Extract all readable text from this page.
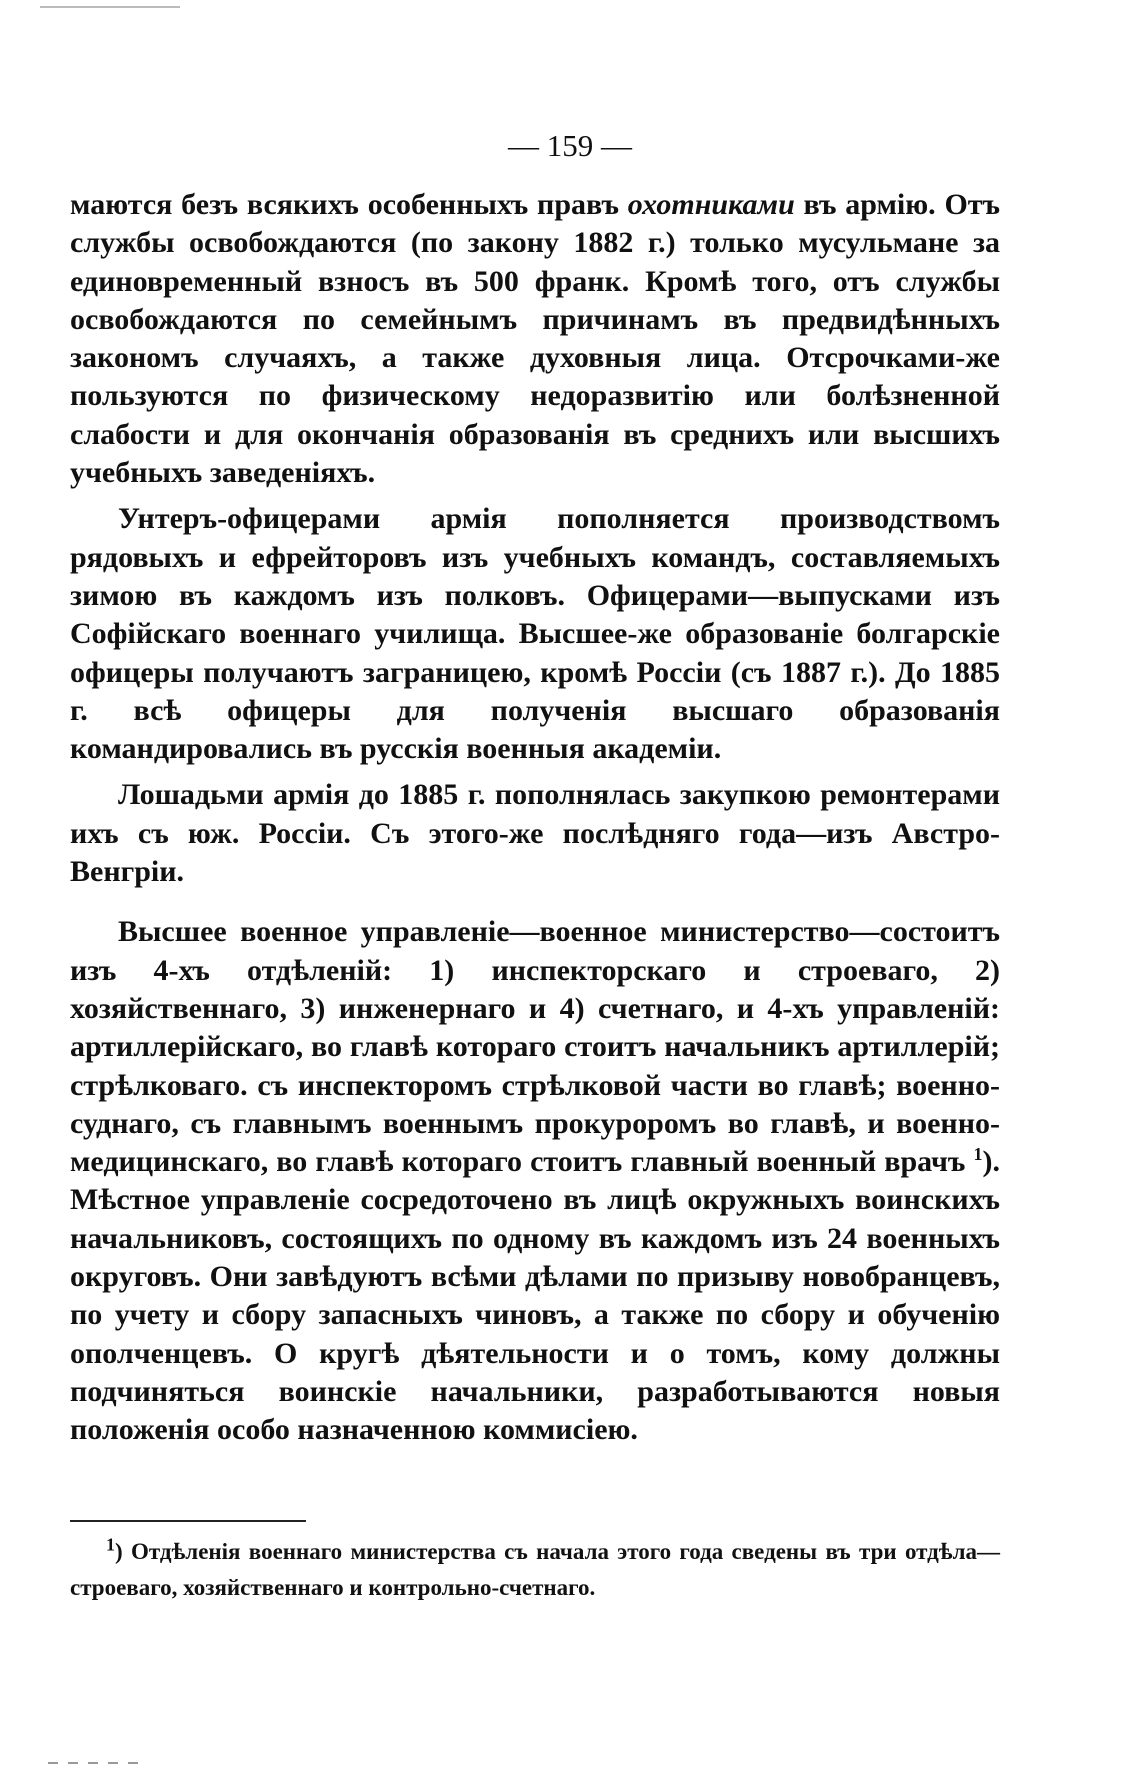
— 159 —

маются безъ всякихъ особенныхъ правъ охотниками въ армію. Отъ службы освобождаются (по закону 1882 г.) только мусульмане за единовременный взносъ въ 500 франк. Кромѣ того, отъ службы освобождаются по семейнымъ причинамъ въ предвидѣнныхъ закономъ случаяхъ, а также духовныя лица. Отсрочками-же пользуются по физическому недоразвитію или болѣзненной слабости и для окончанія образованія въ среднихъ или высшихъ учебныхъ заведеніяхъ.

Унтеръ-офицерами армія пополняется производствомъ рядовыхъ и ефрейторовъ изъ учебныхъ командъ, составляемыхъ зимою въ каждомъ изъ полковъ. Офицерами—выпусками изъ Софійскаго военнаго училища. Высшее-же образованіе болгарскіе офицеры получаютъ заграницею, кромѣ Россіи (съ 1887 г.). До 1885 г. всѣ офицеры для полученія высшаго образованія командировались въ русскія военныя академіи.

Лошадьми армія до 1885 г. пополнялась закупкою ремонтерами ихъ съ юж. Россіи. Съ этого-же послѣдняго года—изъ Австро-Венгріи.

Высшее военное управленіе—военное министерство—состоитъ изъ 4-хъ отдѣленій: 1) инспекторскаго и строеваго, 2) хозяйственнаго, 3) инженернаго и 4) счетнаго, и 4-хъ управленій: артиллерійскаго, во главѣ котораго стоитъ начальникъ артиллерій; стрѣлковаго. съ инспекторомъ стрѣлковой части во главѣ; военно-суднаго, съ главнымъ военнымъ прокуроромъ во главѣ, и военно-медицинскаго, во главѣ котораго стоитъ главный военный врачъ $^1$). Мѣстное управленіе сосредоточено въ лицѣ окружныхъ воинскихъ начальниковъ, состоящихъ по одному въ каждомъ изъ 24 военныхъ округовъ. Они завѣдуютъ всѣми дѣлами по призыву новобранцевъ, по учету и сбору запасныхъ чиновъ, а также по сбору и обученію ополченцевъ. О кругѣ дѣятельности и о томъ, кому должны подчиняться воинскіе начальники, разработываются новыя положенія особо назначенною коммисіею.

$^1$) Отдѣленія военнаго министерства съ начала этого года сведены въ три отдѣла—строеваго, хозяйственнаго и контрольно-счетнаго.
